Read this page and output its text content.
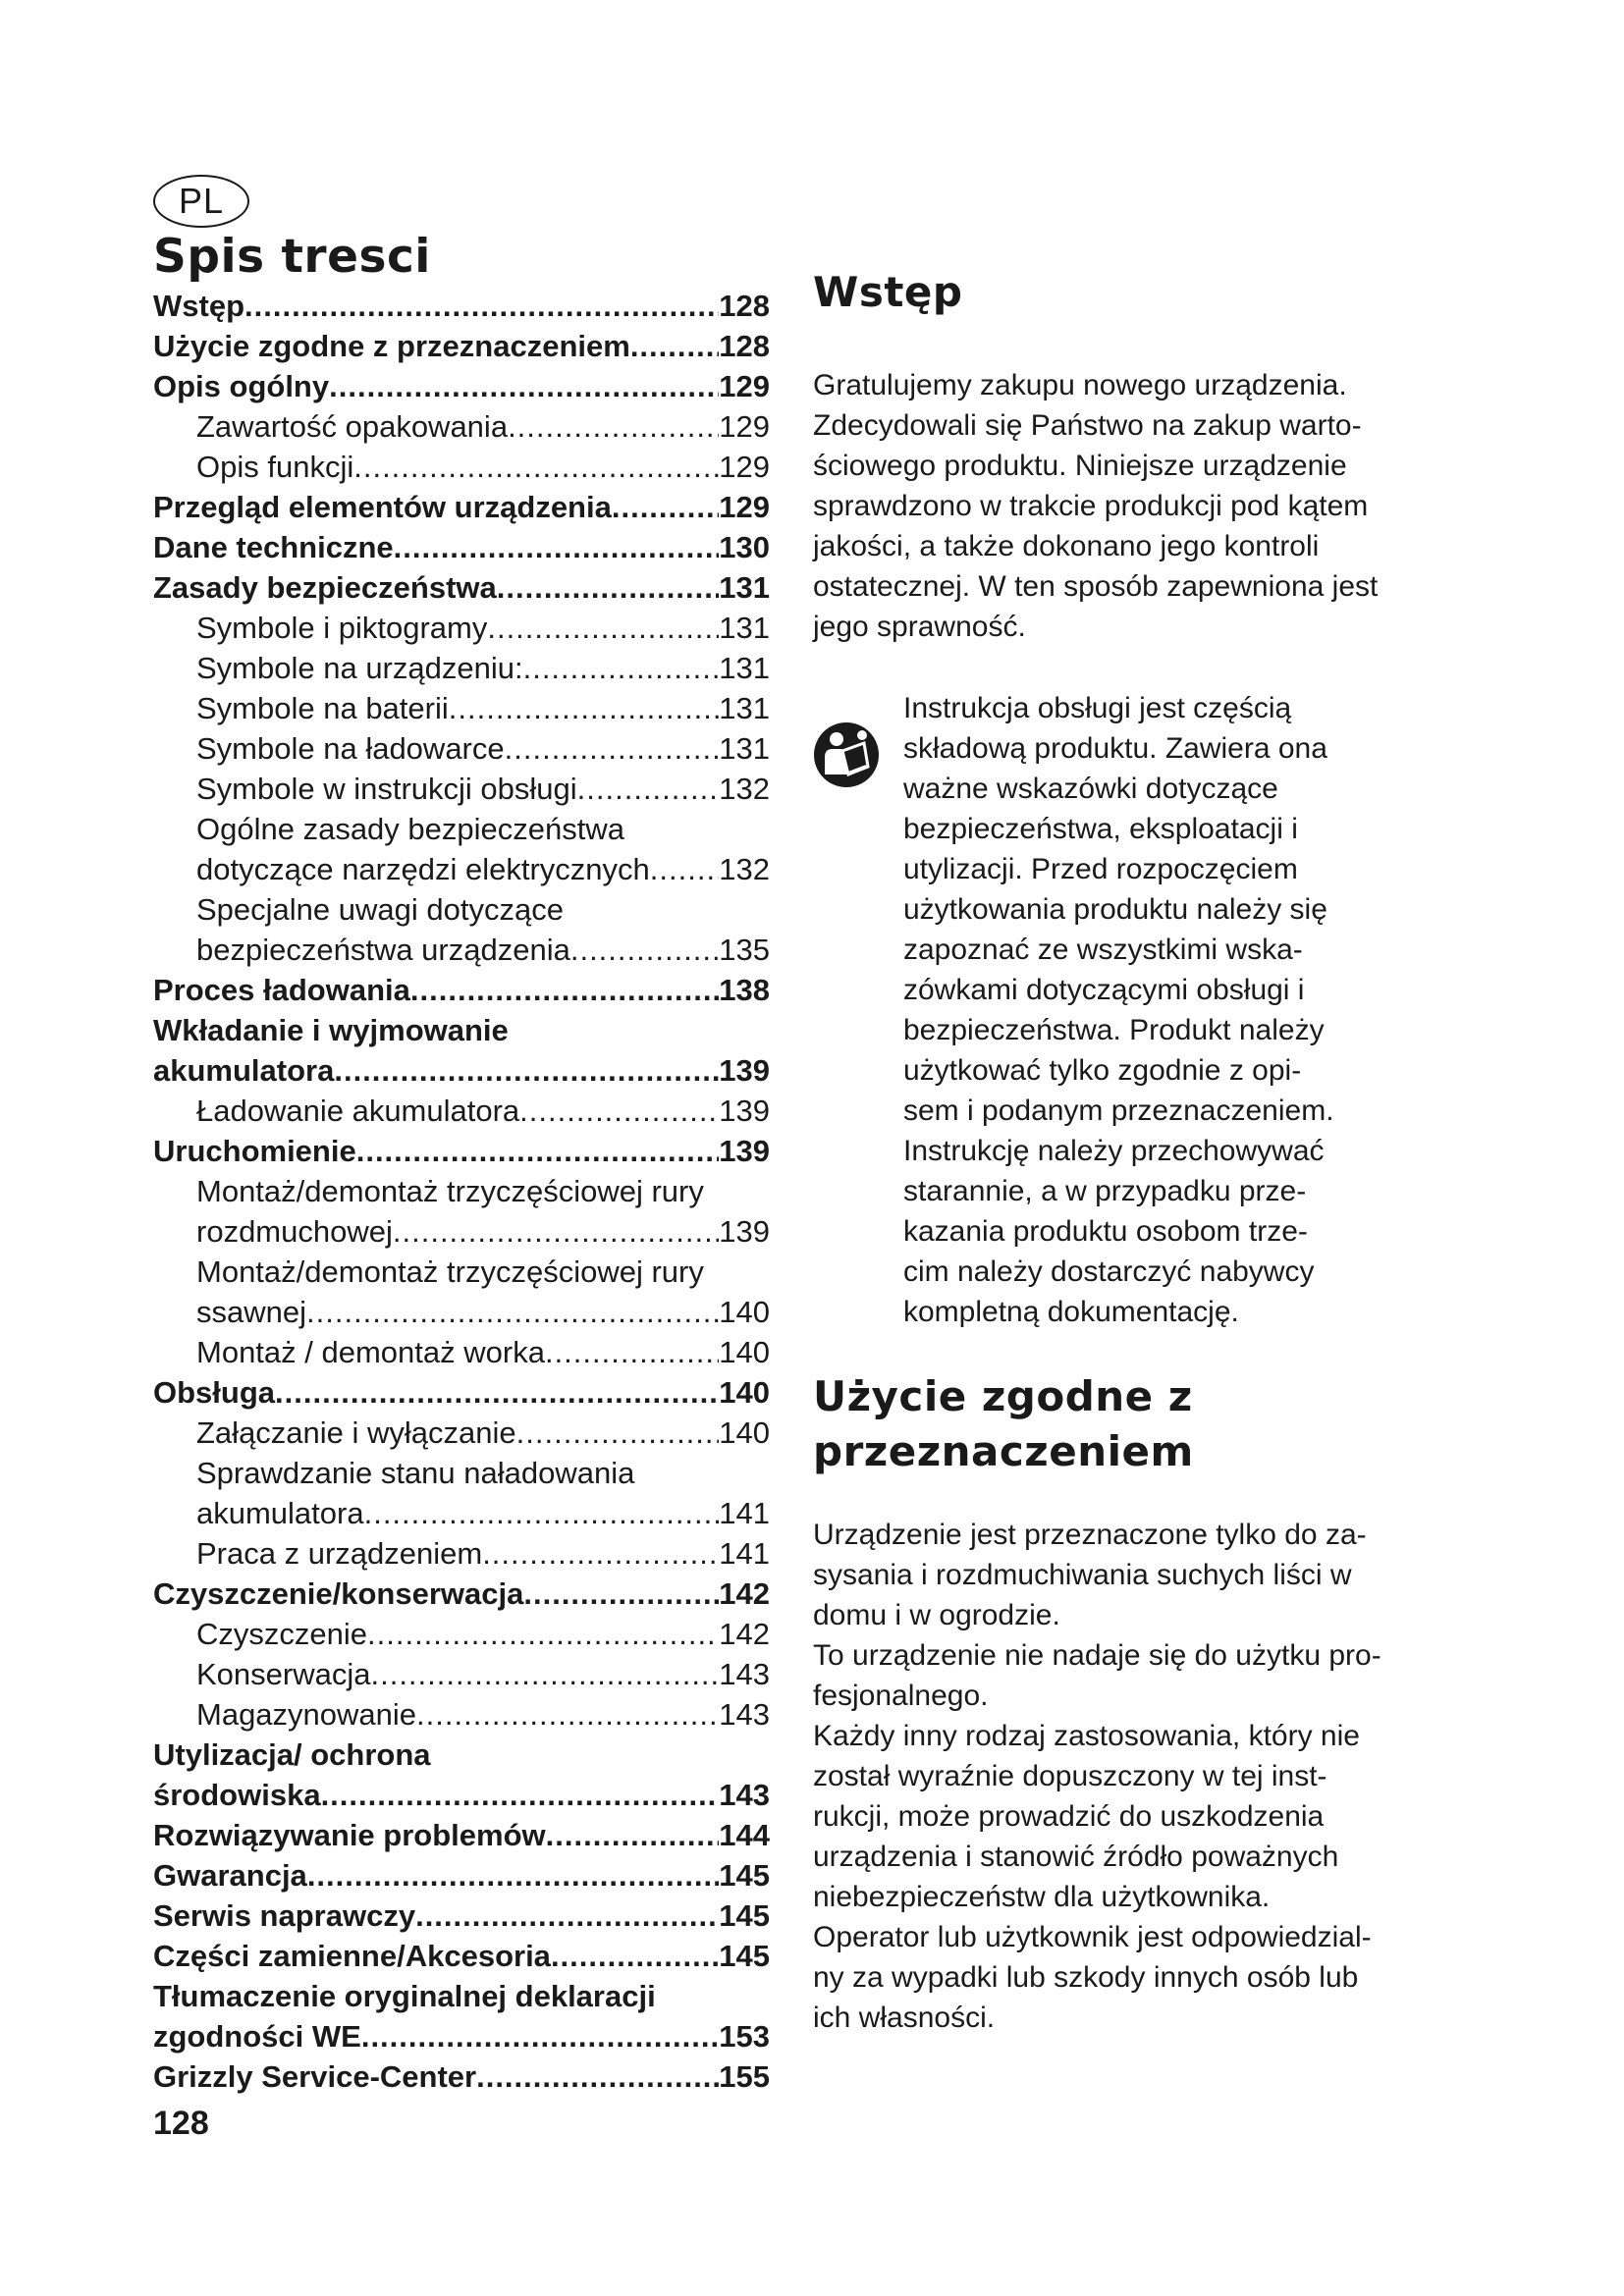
PL
Spis tresci
Wstęp .....	128
Użycie zgodne z przeznaczeniem .....	128
Opis ogólny .....	129
Zawartość opakowania .....	129
Opis funkcji .....	129
Przegląd elementów urządzenia .....	129
Dane techniczne .....	130
Zasady bezpieczeństwa .....	131
Symbole i piktogramy .....	131
Symbole na urządzeniu: .....	131
Symbole na baterii .....	131
Symbole na ładowarce .....	131
Symbole w instrukcji obsługi .....	132
Ogólne zasady bezpieczeństwa
dotyczące narzędzi elektrycznych ..... 132
Specjalne uwagi dotyczące
bezpieczeństwa urządzenia .....	135
Proces ładowania .....	138
Wkładanie i wyjmowanie
akumulatora .....	139
Ładowanie akumulatora .....	139
Uruchomienie .....	139
Montaż/demontaż trzyczęściowej rury
rozdmuchowej .....	139
Montaż/demontaż trzyczęściowej rury
ssawnej .....	140
Montaż / demontaż worka .....	140
Obsługa .....	140
Załączanie i wyłączanie .....	140
Sprawdzanie stanu naładowania
akumulatora .....	141
Praca z urządzeniem .....	141
Czyszczenie/konserwacja .....	142
Czyszczenie .....	142
Konserwacja .....	143
Magazynowanie .....	143
Utylizacja/ ochrona
środowiska .....	143
Rozwiązywanie problemów .....	144
Gwarancja .....	145
Serwis naprawczy .....	145
Części zamienne/Akcesoria .....	145
Tłumaczenie oryginalnej deklaracji
zgodności WE .....	153
Grizzly Service-Center .....	155
128
Wstęp
Gratulujemy zakupu nowego urządzenia.
Zdecydowali się Państwo na zakup warto-
ściowego produktu. Niniejsze urządzenie
sprawdzono w trakcie produkcji pod kątem
jakości, a także dokonano jego kontroli
ostatecznej. W ten sposób zapewniona jest
jego sprawność.
Instrukcja obsługi jest częścią
składową produktu. Zawiera ona
ważne wskazówki dotyczące
bezpieczeństwa, eksploatacji i
utylizacji. Przed rozpoczęciem
użytkowania produktu należy się
zapoznać ze wszystkimi wska-
zówkami dotyczącymi obsługi i
bezpieczeństwa. Produkt należy
użytkować tylko zgodnie z opi-
sem i podanym przeznaczeniem.
Instrukcję należy przechowywać
starannie, a w przypadku prze-
kazania produktu osobom trze-
cim należy dostarczyć nabywcy
kompletną dokumentację.
Użycie zgodne z
przeznaczeniem
Urządzenie jest przeznaczone tylko do za-
sysania i rozdmuchiwania suchych liści w
domu i w ogrodzie.
To urządzenie nie nadaje się do użytku pro-
fesjonalnego.
Każdy inny rodzaj zastosowania, który nie
został wyraźnie dopuszczony w tej inst-
rukcji, może prowadzić do uszkodzenia
urządzenia i stanowić źródło poważnych
niebezpieczeństw dla użytkownika.
Operator lub użytkownik jest odpowiedzial-
ny za wypadki lub szkody innych osób lub
ich własności.
